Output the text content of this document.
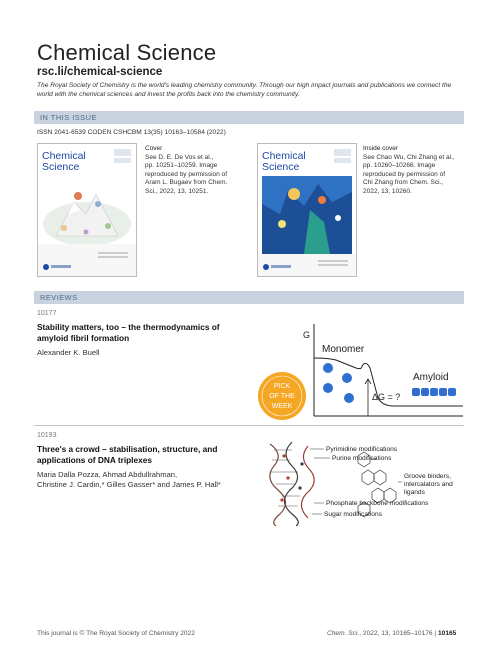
Chemical Science
rsc.li/chemical-science
The Royal Society of Chemistry is the world's leading chemistry community. Through our high impact journals and publications we connect the world with the chemical sciences and invest the profits back into the chemistry community.
IN THIS ISSUE
ISSN 2041-6539 CODEN CSHCBM 13(35) 10163–10584 (2022)
Chemical
Science
Cover
See D. E. De Vos et al.,
pp. 10251–10259. Image
reproduced by permission of
Aram L. Bugaev from Chem.
Sci., 2022, 13, 10251.
Chemical
Science
Inside cover
See Chao Wu, Chi Zhang et al.,
pp. 10260–10266. Image
reproduced by permission of
Chi Zhang from Chem. Sci.,
2022, 13, 10260.
REVIEWS
10177
Stability matters, too – the thermodynamics of
amyloid fibril formation
Alexander K. Buell
G
Monomer
Amyloid
ΔG = ?
PICK
OF THE
WEEK
10193
Three's a crowd – stabilisation, structure, and
applications of DNA triplexes
Maria Dalla Pozza, Ahmad Abdullrahman,
Christine J. Cardin,* Gilles Gasser* and James P. Hall*
Pyrimidine modifications
Purine modifications
Groove binders,
intercalators and
ligands
Phosphate backbone modifications
Sugar modifications
This journal is © The Royal Society of Chemistry 2022	Chem. Sci., 2022, 13, 10165–10176 | 10165
